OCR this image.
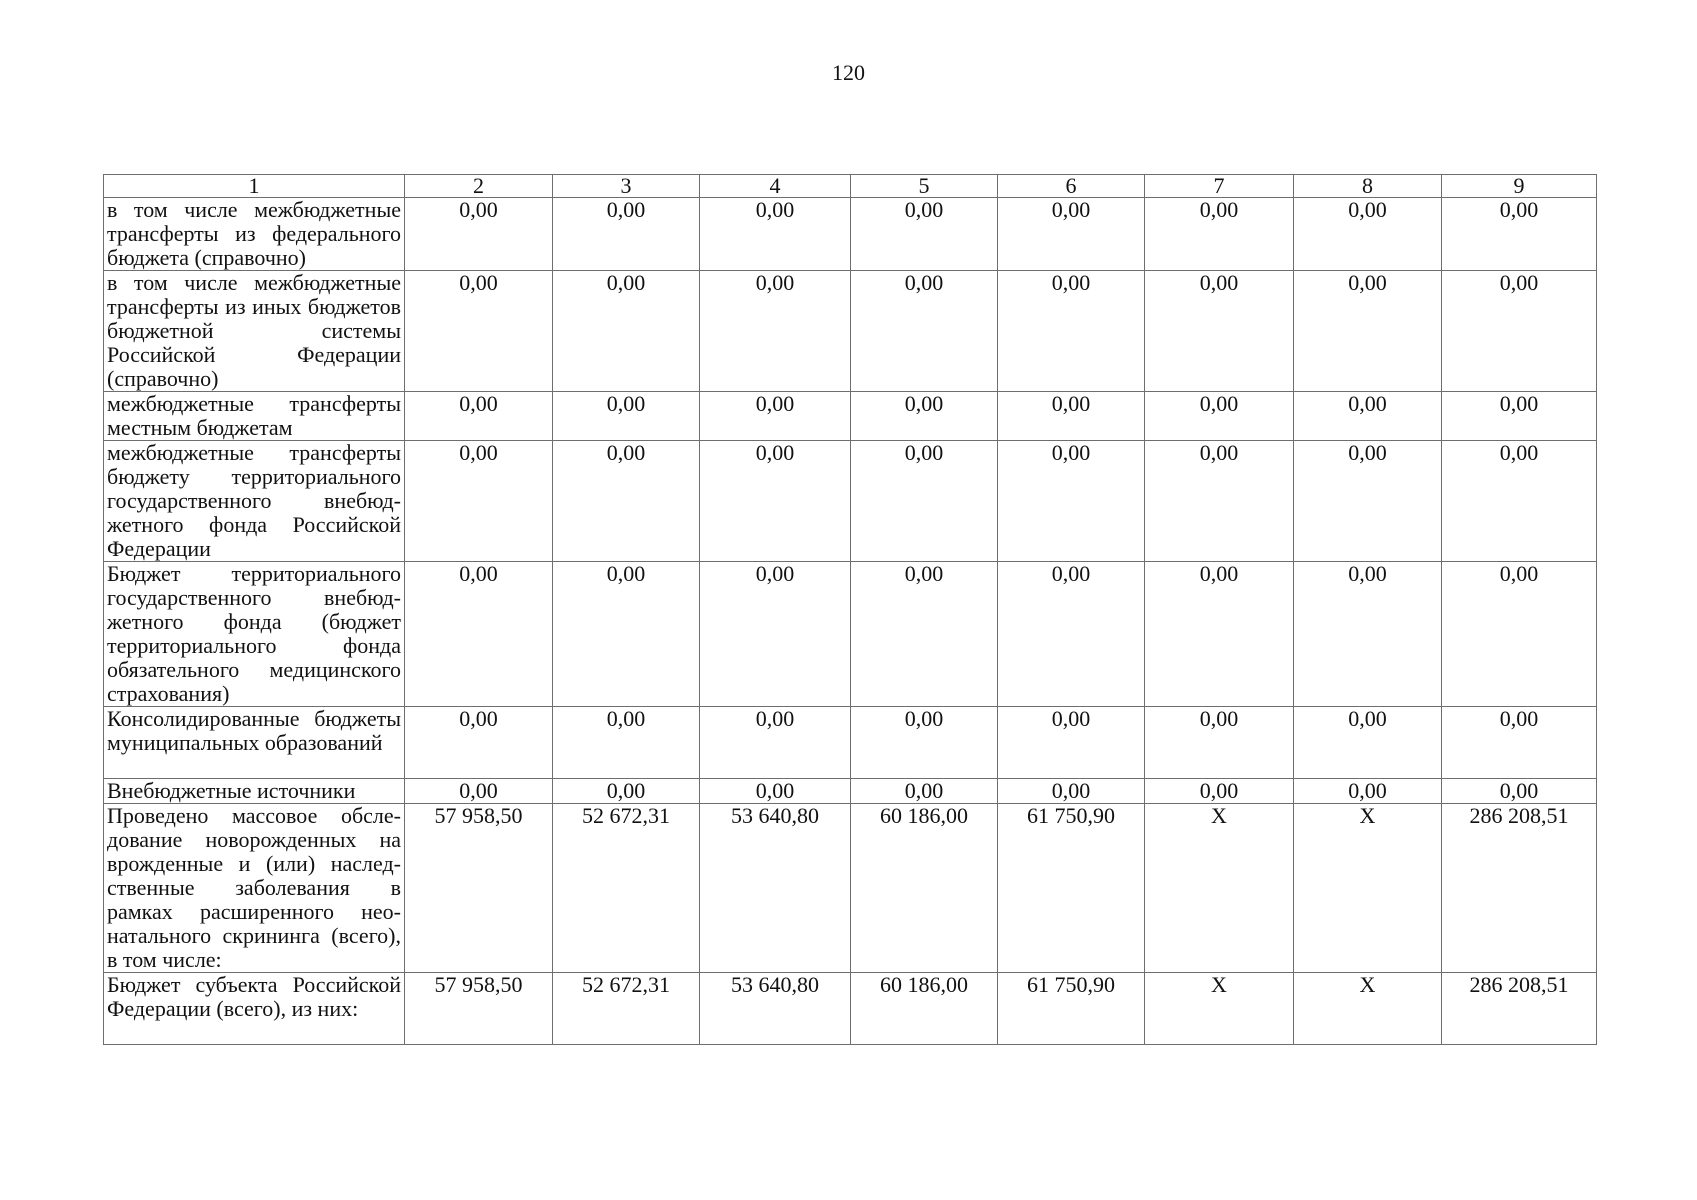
120
1	2	3	4	5	6	7	8	9
в том числе межбюджетные трансферты из федерального бюджета (справочно)	0,00	0,00	0,00	0,00	0,00	0,00	0,00	0,00
в том числе межбюджетные трансферты из иных бюджетов бюджетной системы Российской Федерации (справочно)	0,00	0,00	0,00	0,00	0,00	0,00	0,00	0,00
межбюджетные трансферты местным бюджетам	0,00	0,00	0,00	0,00	0,00	0,00	0,00	0,00
межбюджетные трансферты бюджету территориального государственного внебюджетного фонда Российской Федерации	0,00	0,00	0,00	0,00	0,00	0,00	0,00	0,00
Бюджет территориального государственного внебюджетного фонда (бюджет территориального фонда обязательного медицинского страхования)	0,00	0,00	0,00	0,00	0,00	0,00	0,00	0,00
Консолидированные бюджеты муниципальных образований	0,00	0,00	0,00	0,00	0,00	0,00	0,00	0,00
Внебюджетные источники	0,00	0,00	0,00	0,00	0,00	0,00	0,00	0,00
Проведено массовое обследование новорожденных на врожденные и (или) наследственные заболевания в рамках расширенного неонатального скрининга (всего), в том числе:	57 958,50	52 672,31	53 640,80	60 186,00	61 750,90	X	X	286 208,51
Бюджет субъекта Российской Федерации (всего), из них:	57 958,50	52 672,31	53 640,80	60 186,00	61 750,90	X	X	286 208,51
